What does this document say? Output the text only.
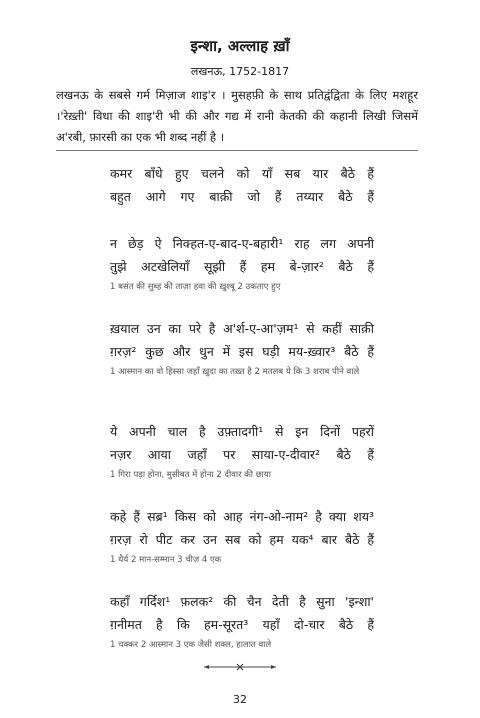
इन्शा, अल्लाह ख़ाँ
लखनऊ, 1752-1817
लखनऊ के सबसे गर्म मिज़ाज शाइ'र । मुसहफ़ी के साथ प्रतिद्वंद्विता के लिए मशहूर ।'रेख़्ती' विधा की शाइ'री भी की और गद्य में रानी केतकी की कहानी लिखी जिसमें अ'रबी, फ़ारसी का एक भी शब्द नहीं है ।
कमर बाँधे हुए चलने को याँ सब यार बैठे हैं
बहुत आगे गए बाक़ी जो हैं तय्यार बैठे हैं
न छेड़ ऐ निक्हत-ए-बाद-ए-बहारी¹ राह लग अपनी
तुझे अटखेलियाँ सूझी हैं हम बे-ज़ार² बैठे हैं
1 बसंत की सुब्ह की ताज़ा हवा की ख़ुश्बू 2 उकताए हुए
ख़याल उन का परे है अ'र्श-ए-आ'ज़म¹ से कहीं साक़ी
ग़रज़² कुछ और धुन में इस घड़ी मय-ख़्वार³ बैठे हैं
1 आस्मान का वो हिस्सा जहाँ ख़ुदा का तख़्त है 2 मतलब ये कि 3 शराब पीने वाले
ये अपनी चाल है उफ़्तादगी¹ से इन दिनों पहरों
नज़र आया जहाँ पर साया-ए-दीवार² बैठे हैं
1 गिरा पड़ा होना, मुसीबत में होना 2 दीवार की छाया
कहे हैं सब्र¹ किस को आह नंग-ओ-नाम² है क्या शय³
ग़रज़ रो पीट कर उन सब को हम यक⁴ बार बैठे हैं
1 धैर्य 2 मान-सम्मान 3 चीज़ 4 एक
कहाँ गर्दिश¹ फ़लक² की चैन देती है सुना 'इन्शा'
ग़नीमत है कि हम-सूरत³ यहाँ दो-चार बैठे हैं
1 चक्कर 2 आस्मान 3 एक जैसी शक्ल, हालात वाले
32
